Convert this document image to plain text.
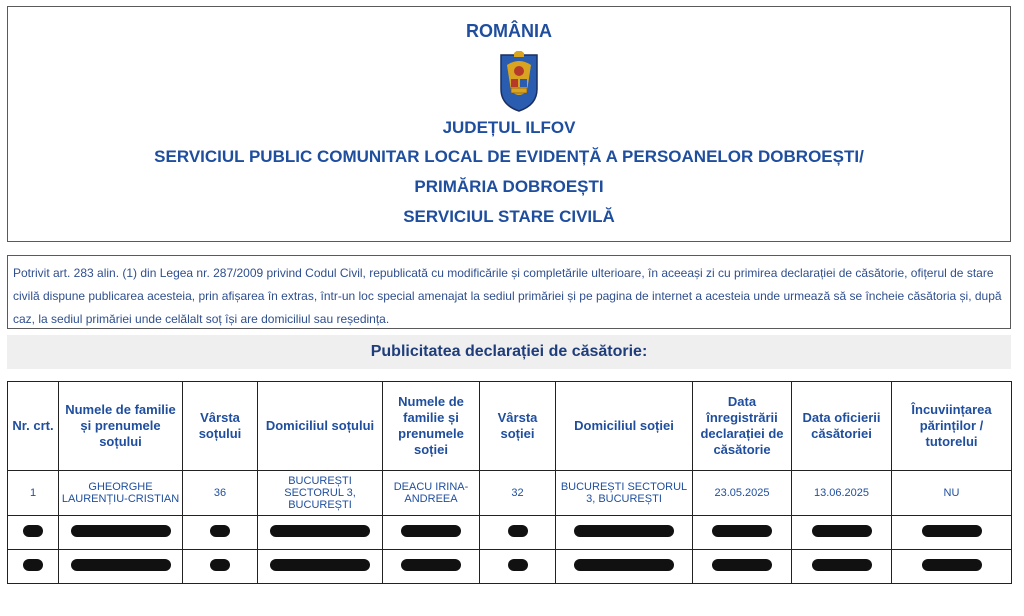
ROMÂNIA
JUDEȚUL ILFOV
SERVICIUL PUBLIC COMUNITAR LOCAL DE EVIDENȚĂ A PERSOANELOR DOBROEȘTI/
PRIMĂRIA DOBROEȘTI
SERVICIUL STARE CIVILĂ
Potrivit art. 283 alin. (1) din Legea nr. 287/2009 privind Codul Civil, republicată cu modificările și completările ulterioare, în aceeași zi cu primirea declarației de căsătorie, ofițerul de stare civilă dispune publicarea acesteia, prin afișarea în extras, într-un loc special amenajat la sediul primăriei și pe pagina de internet a acesteia unde urmează să se încheie căsătoria și, după caz, la sediul primăriei unde celălalt soț își are domiciliul sau reședința.
Publicitatea declarației de căsătorie:
Nr. crt.	Numele de familie și prenumele soțului	Vârsta soțului	Domiciliul soțului	Numele de familie și prenumele soției	Vârsta soției	Domiciliul soției	Data înregistrării declarației de căsătorie	Data oficierii căsătoriei	Încuviințarea părinților / tutorelui
1	GHEORGHE LAURENȚIU-CRISTIAN	36	BUCUREȘTI SECTORUL 3, BUCUREȘTI	DEACU IRINA-ANDREEA	32	BUCUREȘTI SECTORUL 3, BUCUREȘTI	23.05.2025	13.06.2025	NU
